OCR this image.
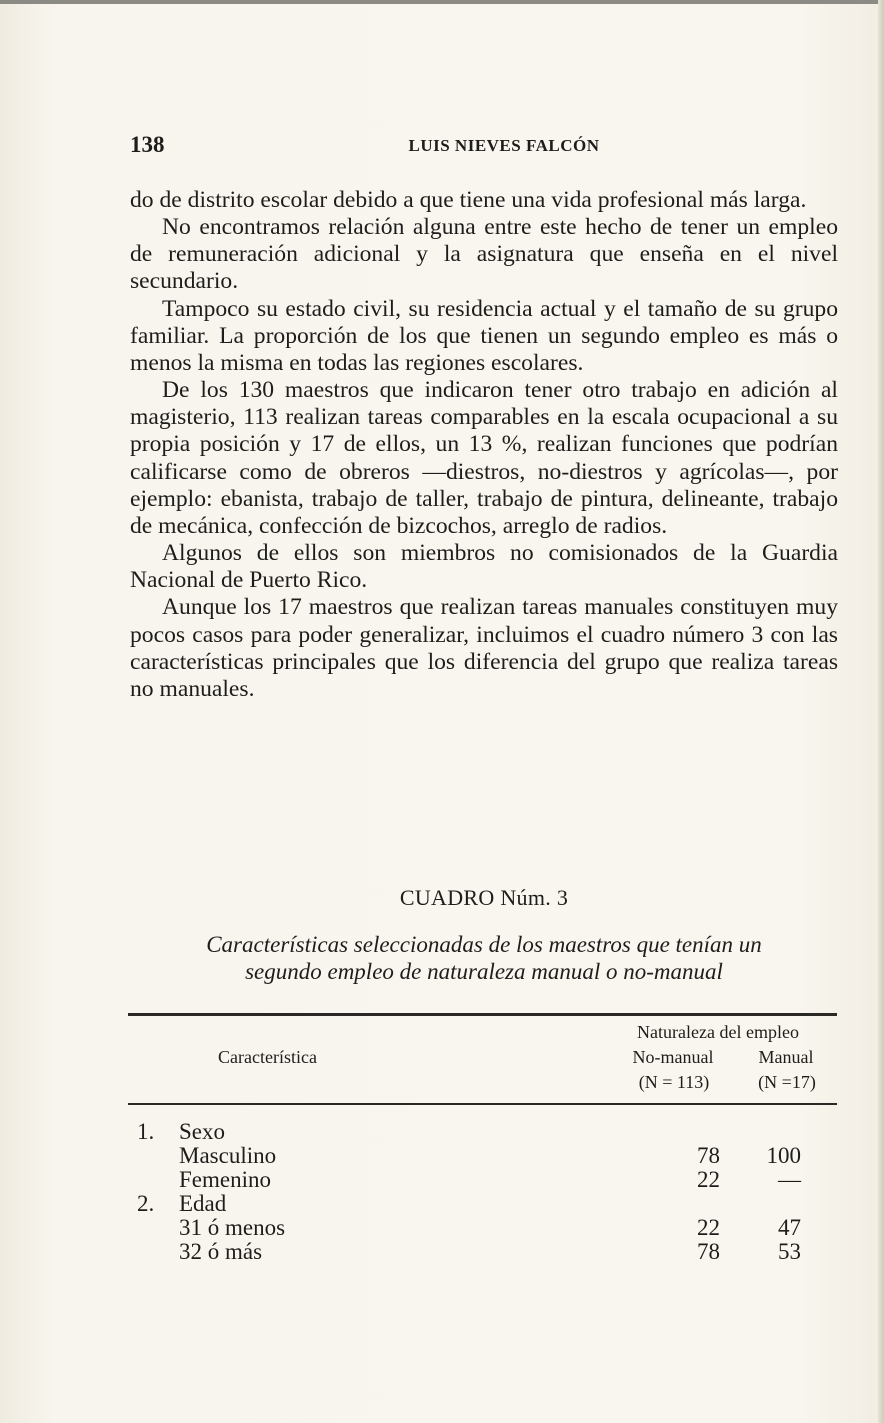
138	LUIS NIEVES FALCÓN

do de distrito escolar debido a que tiene una vida profesional más larga.

No encontramos relación alguna entre este hecho de tener un empleo de remuneración adicional y la asignatura que enseña en el nivel secundario.

Tampoco su estado civil, su residencia actual y el tamaño de su grupo familiar. La proporción de los que tienen un segundo empleo es más o menos la misma en todas las regiones escolares.

De los 130 maestros que indicaron tener otro trabajo en adición al magisterio, 113 realizan tareas comparables en la escala ocupacional a su propia posición y 17 de ellos, un 13 %, realizan funciones que podrían calificarse como de obreros —diestros, no-diestros y agrícolas—, por ejemplo: ebanista, trabajo de taller, trabajo de pintura, delineante, trabajo de mecánica, confección de bizcochos, arreglo de radios.

Algunos de ellos son miembros no comisionados de la Guardia Nacional de Puerto Rico.

Aunque los 17 maestros que realizan tareas manuales constituyen muy pocos casos para poder generalizar, incluimos el cuadro número 3 con las características principales que los diferencia del grupo que realiza tareas no manuales.

CUADRO Núm. 3
Características seleccionadas de los maestros que tenían un
segundo empleo de naturaleza manual o no-manual
Naturaleza del empleo
Característica	No-manual	Manual
(N = 113)	(N =17)
1. Sexo
Masculino	78	100
Femenino	22	—
2. Edad
31 ó menos	22	47
32 ó más	78	53
